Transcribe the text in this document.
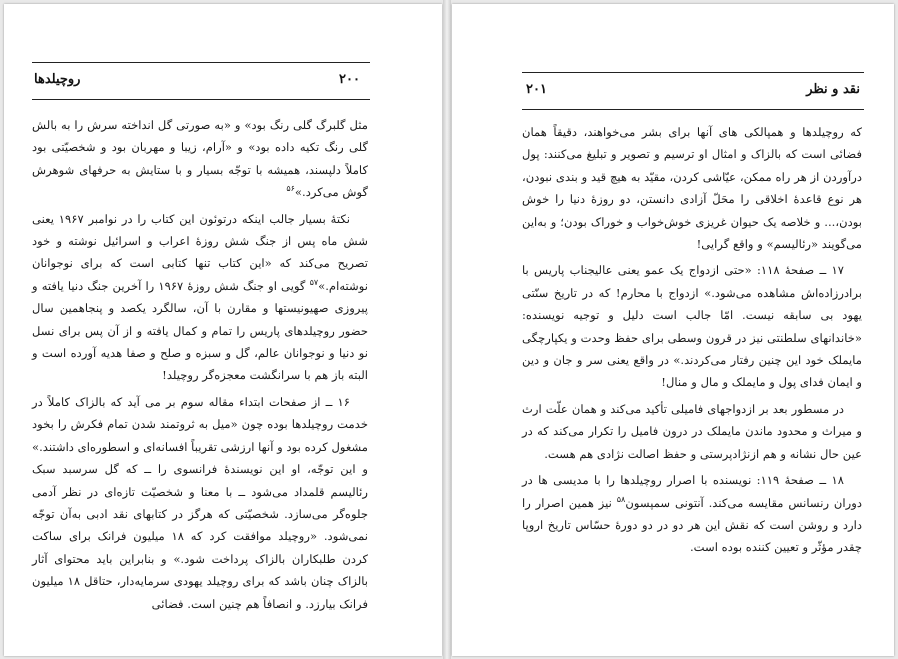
روچیلدها	۲۰۰

مثل گلبرگ گلی رنگ بود» و «به صورتی گل انداخته سرش را به بالش گلی رنگ تکیه داده بود» و «آرام، زیبا و مهربان بود و شخصیّتی بود کاملاً دلپسند، همیشه با توجّه بسیار و با ستایش به حرفهای شوهرش گوش می‌کرد.»$^{۵۶}$

نکتهٔ بسیار جالب اینکه درتوئون این کتاب را در نوامبر ۱۹۶۷ یعنی شش ماه پس از جنگ شش روزهٔ اعراب و اسرائیل نوشته و خود تصریح می‌کند که «این کتاب تنها کتابی است که برای نوجوانان نوشته‌ام.»$^{۵۷}$ گویی او جنگ شش روزهٔ ۱۹۶۷ را آخرین جنگ دنیا یافته و پیروزی صهیونیستها و مقارن با آن، سالگرد یکصد و پنجاهمین سال حضور روچیلدهای پاریس را تمام و کمال یافته و از آن پس برای نسل نو دنیا و نوجوانان عالم، گل و سبزه و صلح و صفا هدیه آورده است و البته باز هم با سرانگشت معجزه‌گر روچیلد!

۱۶ ــ از صفحات ابتداء مقاله سوم بر می آید که بالزاک کاملاً در خدمت روچیلدها بوده چون «میل به ثروتمند شدن تمام فکرش را بخود مشغول کرده بود و آنها ارزشی تقریباً افسانه‌ای و اسطوره‌ای داشتند.» و این توجّه، او این نویسندهٔ فرانسوی را ــ که گل سرسبد سبک رئالیسم قلمداد می‌شود ــ با معنا و شخصیّت تازه‌ای در نظر آدمی جلوه‌گر می‌سازد. شخصیّتی که هرگز در کتابهای نقد ادبی به‌آن توجّه نمی‌شود. «روچیلد موافقت کرد که ۱۸ میلیون فرانک برای ساکت کردن طلبکاران بالزاک پرداخت شود.» و بنابراین باید محتوای آثار بالزاک چنان باشد که برای روچیلد یهودی سرمایه‌دار، حتاقل ۱۸ میلیون فرانک بیارزد. و انصافاً هم چنین است. فضائی

نقد و نظر
۲۰۱

که روچیلدها و همپالکی های آنها برای بشر می‌خواهند، دقیقاً همان فضائی است که بالزاک و امثال او ترسیم و تصویر و تبلیغ می‌کنند: پول درآوردن از هر راه ممکن، عیّاشی کردن، مقیّد به هیچ قید و بندی نبودن، هر نوع قاعدهٔ اخلاقی را محَلّ آزادی دانستن، دو روزهٔ دنیا را خوش بودن،... و خلاصه یک حیوان غریزی خوش‌خواب و خوراک بودن؛ و به‌این می‌گویند «رئالیسم» و واقع گرایی!

۱۷ ــ صفحهٔ ۱۱۸: «حتی ازدواج یک عمو یعنی عالیجناب پاریس با برادرزاده‌اش مشاهده می‌شود.» ازدواج با محارم! که در تاریخ سنّتی یهود بی سابقه نیست. امّا جالب است دلیل و توجیه نویسنده: «خاندانهای سلطنتی نیز در قرون وسطی برای حفظ وحدت و یکپارچگی مایملک خود این چنین رفتار می‌کردند.» در واقع یعنی سر و جان و دین و ایمان فدای پول و مایملک و مال و منال!

در مسطور بعد بر ازدواجهای فامیلی تأکید می‌کند و همان علّت ارث و میراث و محدود ماندن مایملک در درون فامیل را تکرار می‌کند که در عین حال نشانه و هم ازنژادپرستی و حفظ اصالت نژادی هم هست.

۱۸ ــ صفحهٔ ۱۱۹: نویسنده با اصرار روچیلدها را با مدیسی ها در دوران رنسانس مقایسه می‌کند. آنتونی سمپسون$^{۵۸}$ نیز همین اصرار را دارد و روشن است که نقش این هر دو در دو دورهٔ حسّاس تاریخ اروپا چقدر مؤثّر و تعیین کننده بوده است.
